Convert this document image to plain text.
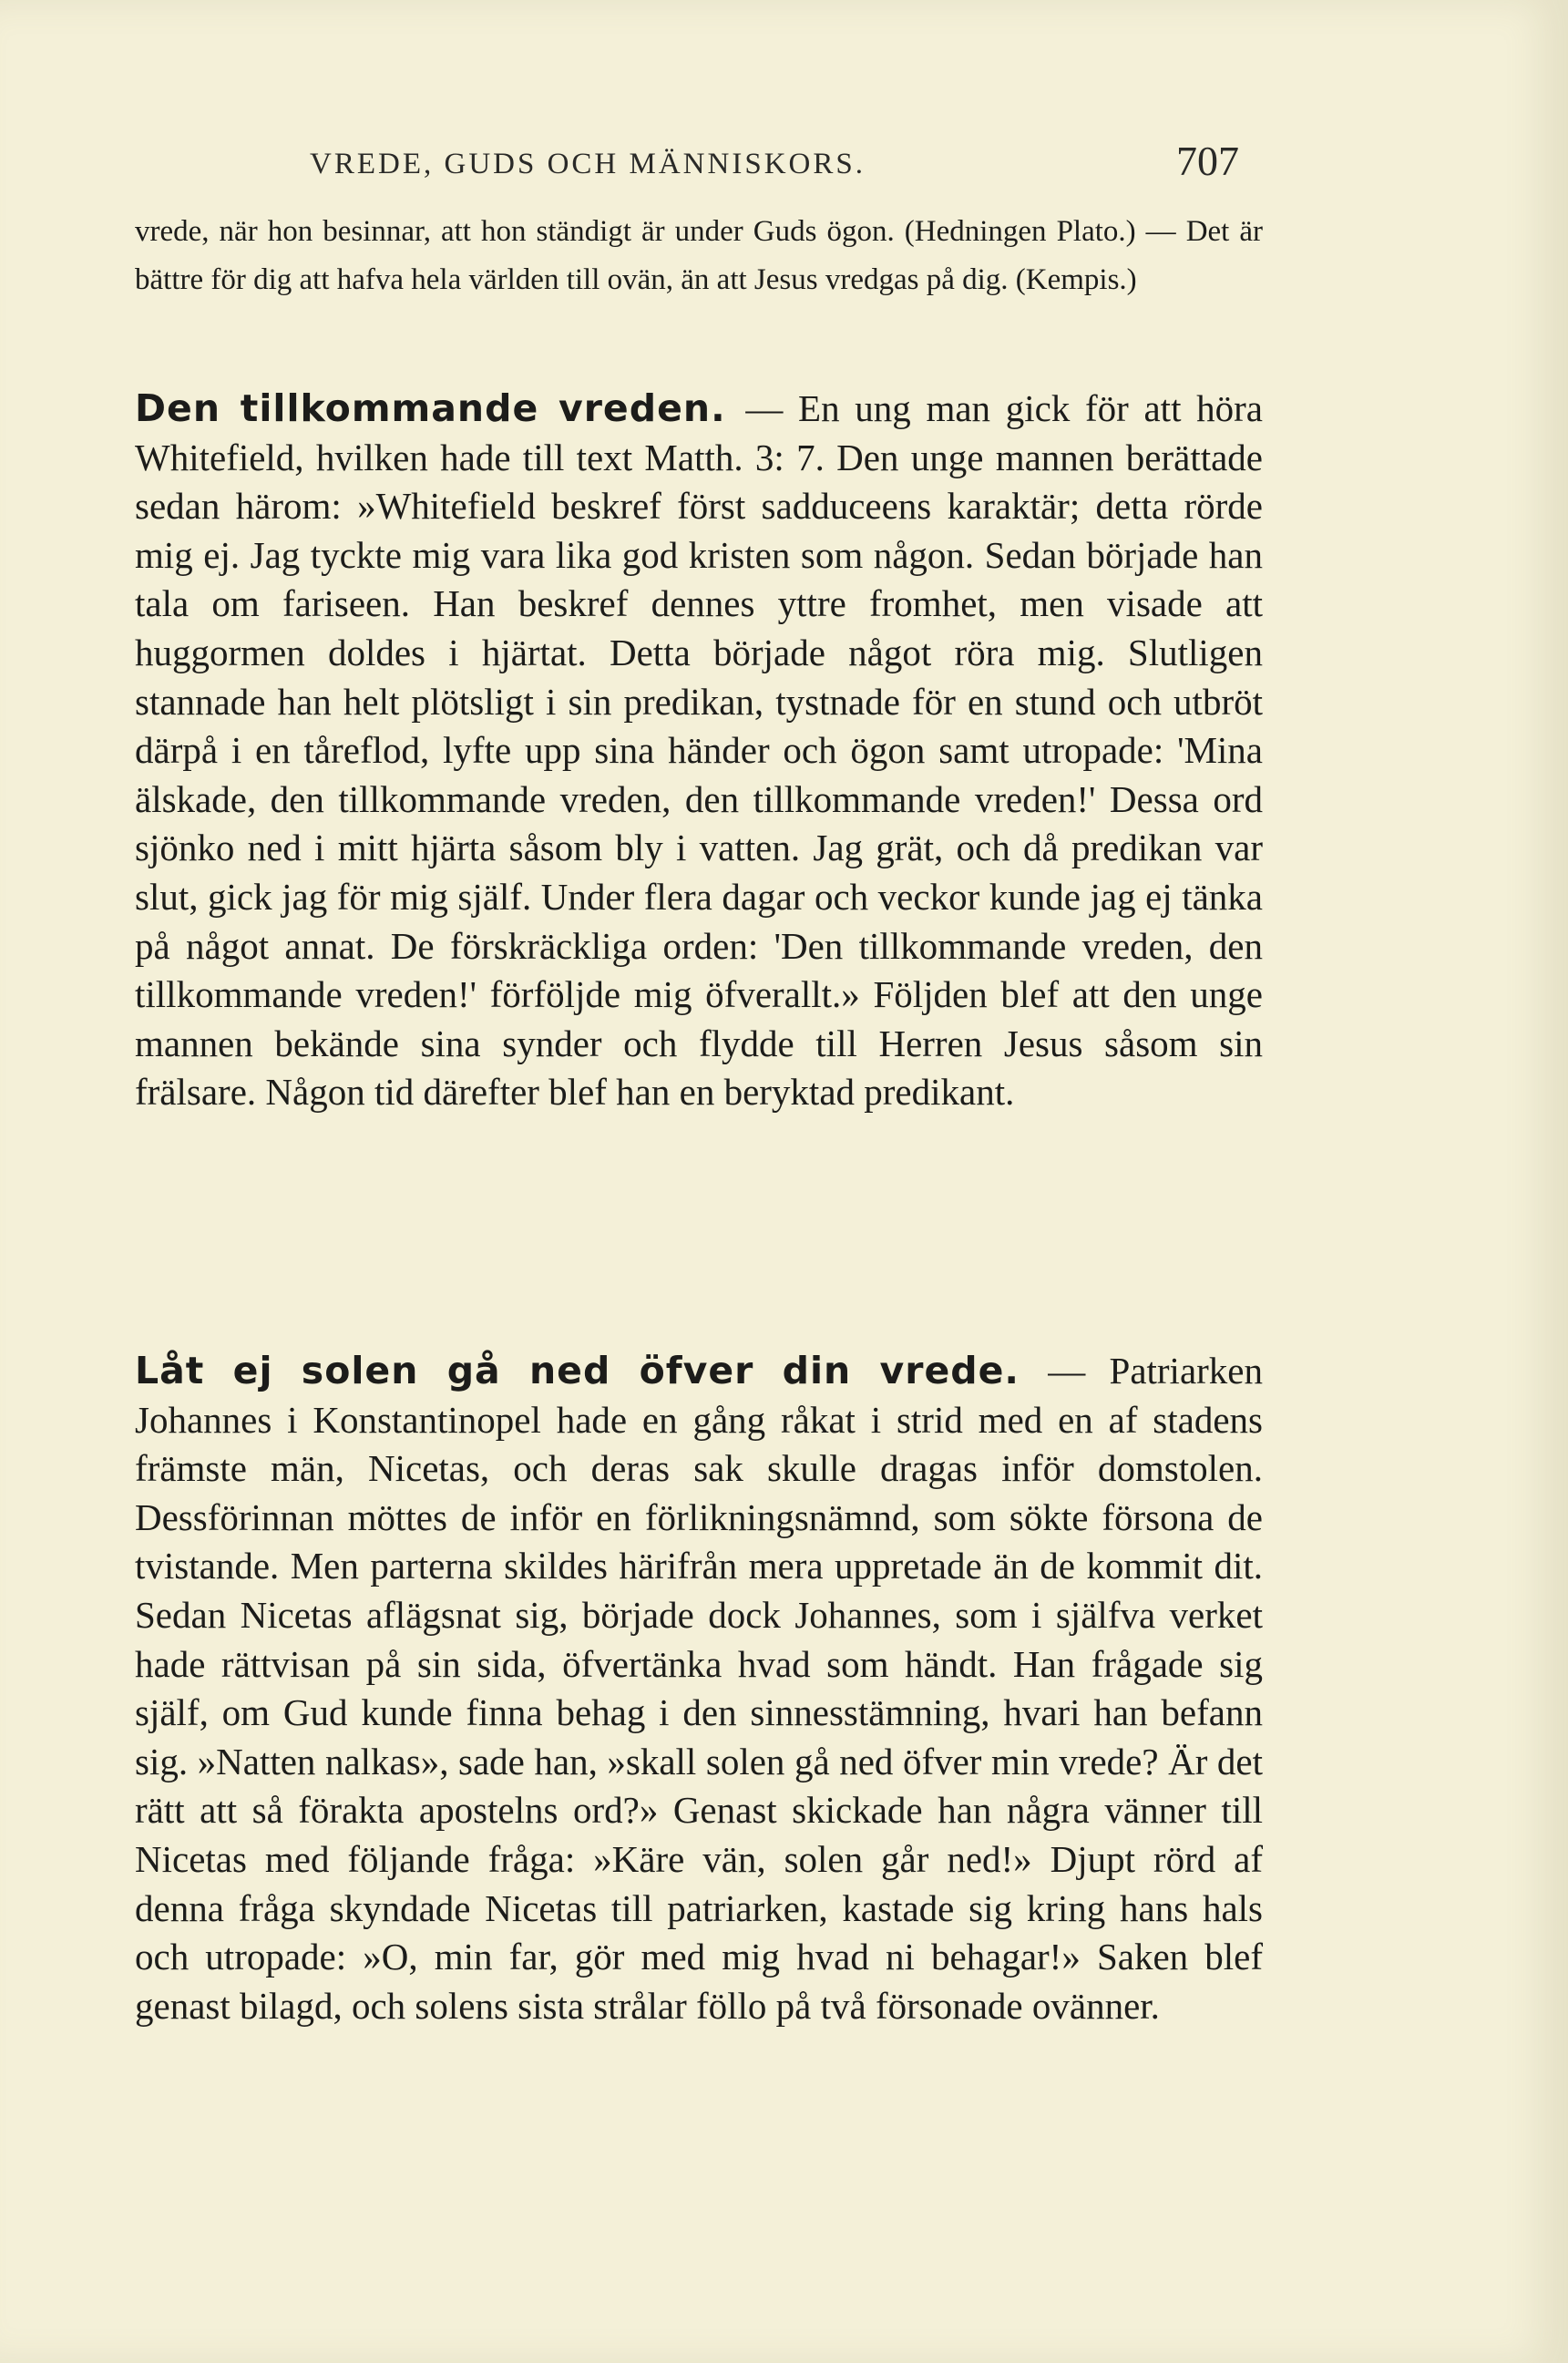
VREDE, GUDS OCH MÄNNISKORS.	707
vrede, när hon besinnar, att hon ständigt är under Guds ögon. (Hedningen Plato.) — Det är bättre för dig att hafva hela världen till ovän, än att Jesus vredgas på dig. (Kempis.)
Den tillkommande vreden. — En ung man gick för att höra Whitefield, hvilken hade till text Matth. 3: 7. Den unge mannen berättade sedan härom: »Whitefield beskref först sadduceens karaktär; detta rörde mig ej. Jag tyckte mig vara lika god kristen som någon. Sedan började han tala om fariseen. Han beskref dennes yttre fromhet, men visade att huggormen doldes i hjärtat. Detta började något röra mig. Slutligen stannade han helt plötsligt i sin predikan, tystnade för en stund och utbröt därpå i en tåreflod, lyfte upp sina händer och ögon samt utropade: 'Mina älskade, den tillkommande vreden, den tillkommande vreden!' Dessa ord sjönko ned i mitt hjärta såsom bly i vatten. Jag grät, och då predikan var slut, gick jag för mig själf. Under flera dagar och veckor kunde jag ej tänka på något annat. De förskräckliga orden: 'Den tillkommande vreden, den tillkommande vreden!' förföljde mig öfverallt.» Följden blef att den unge mannen bekände sina synder och flydde till Herren Jesus såsom sin frälsare. Någon tid därefter blef han en beryktad predikant.
Låt ej solen gå ned öfver din vrede. — Patriarken Johannes i Konstantinopel hade en gång råkat i strid med en af stadens främste män, Nicetas, och deras sak skulle dragas inför domstolen. Dessförinnan möttes de inför en förlikningsnämnd, som sökte försona de tvistande. Men parterna skildes härifrån mera uppretade än de kommit dit. Sedan Nicetas aflägsnat sig, började dock Johannes, som i själfva verket hade rättvisan på sin sida, öfvertänka hvad som händt. Han frågade sig själf, om Gud kunde finna behag i den sinnesstämning, hvari han befann sig. »Natten nalkas», sade han, »skall solen gå ned öfver min vrede? Är det rätt att så förakta apostelns ord?» Genast skickade han några vänner till Nicetas med följande fråga: »Käre vän, solen går ned!» Djupt rörd af denna fråga skyndade Nicetas till patriarken, kastade sig kring hans hals och utropade: »O, min far, gör med mig hvad ni behagar!» Saken blef genast bilagd, och solens sista strålar föllo på två försonade ovänner.
